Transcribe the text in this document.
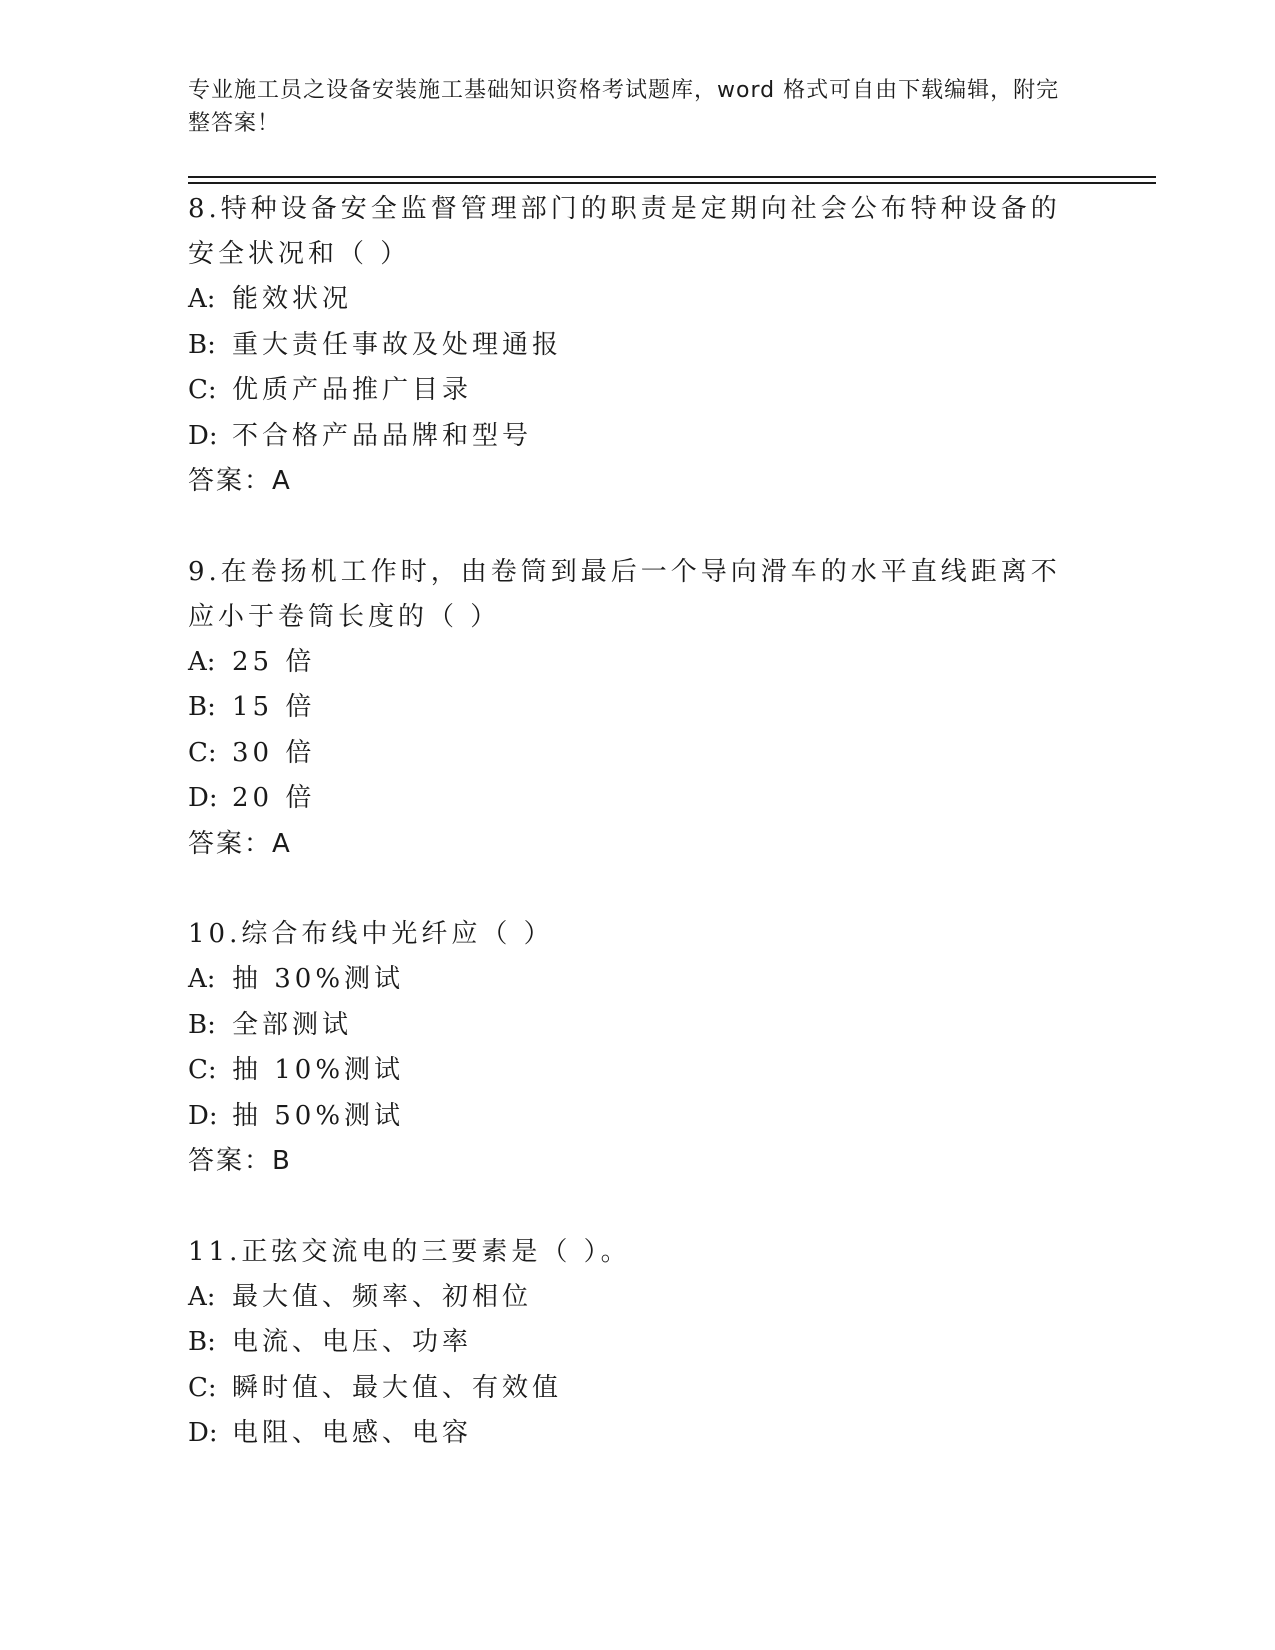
专业施工员之设备安装施工基础知识资格考试题库，word 格式可自由下载编辑，附完整答案！

8.特种设备安全监督管理部门的职责是定期向社会公布特种设备的安全状况和（ ）

A: 能效状况

B: 重大责任事故及处理通报

C: 优质产品推广目录

D: 不合格产品品牌和型号

答案：A

9.在卷扬机工作时，由卷筒到最后一个导向滑车的水平直线距离不应小于卷筒长度的（ ）

A: 25 倍

B: 15 倍

C: 30 倍

D: 20 倍

答案：A

10.综合布线中光纤应（ ）

A: 抽 30%测试

B: 全部测试

C: 抽 10%测试

D: 抽 50%测试

答案：B

11.正弦交流电的三要素是（ ）。

A: 最大值、频率、初相位

B: 电流、电压、功率

C: 瞬时值、最大值、有效值

D: 电阻、电感、电容
